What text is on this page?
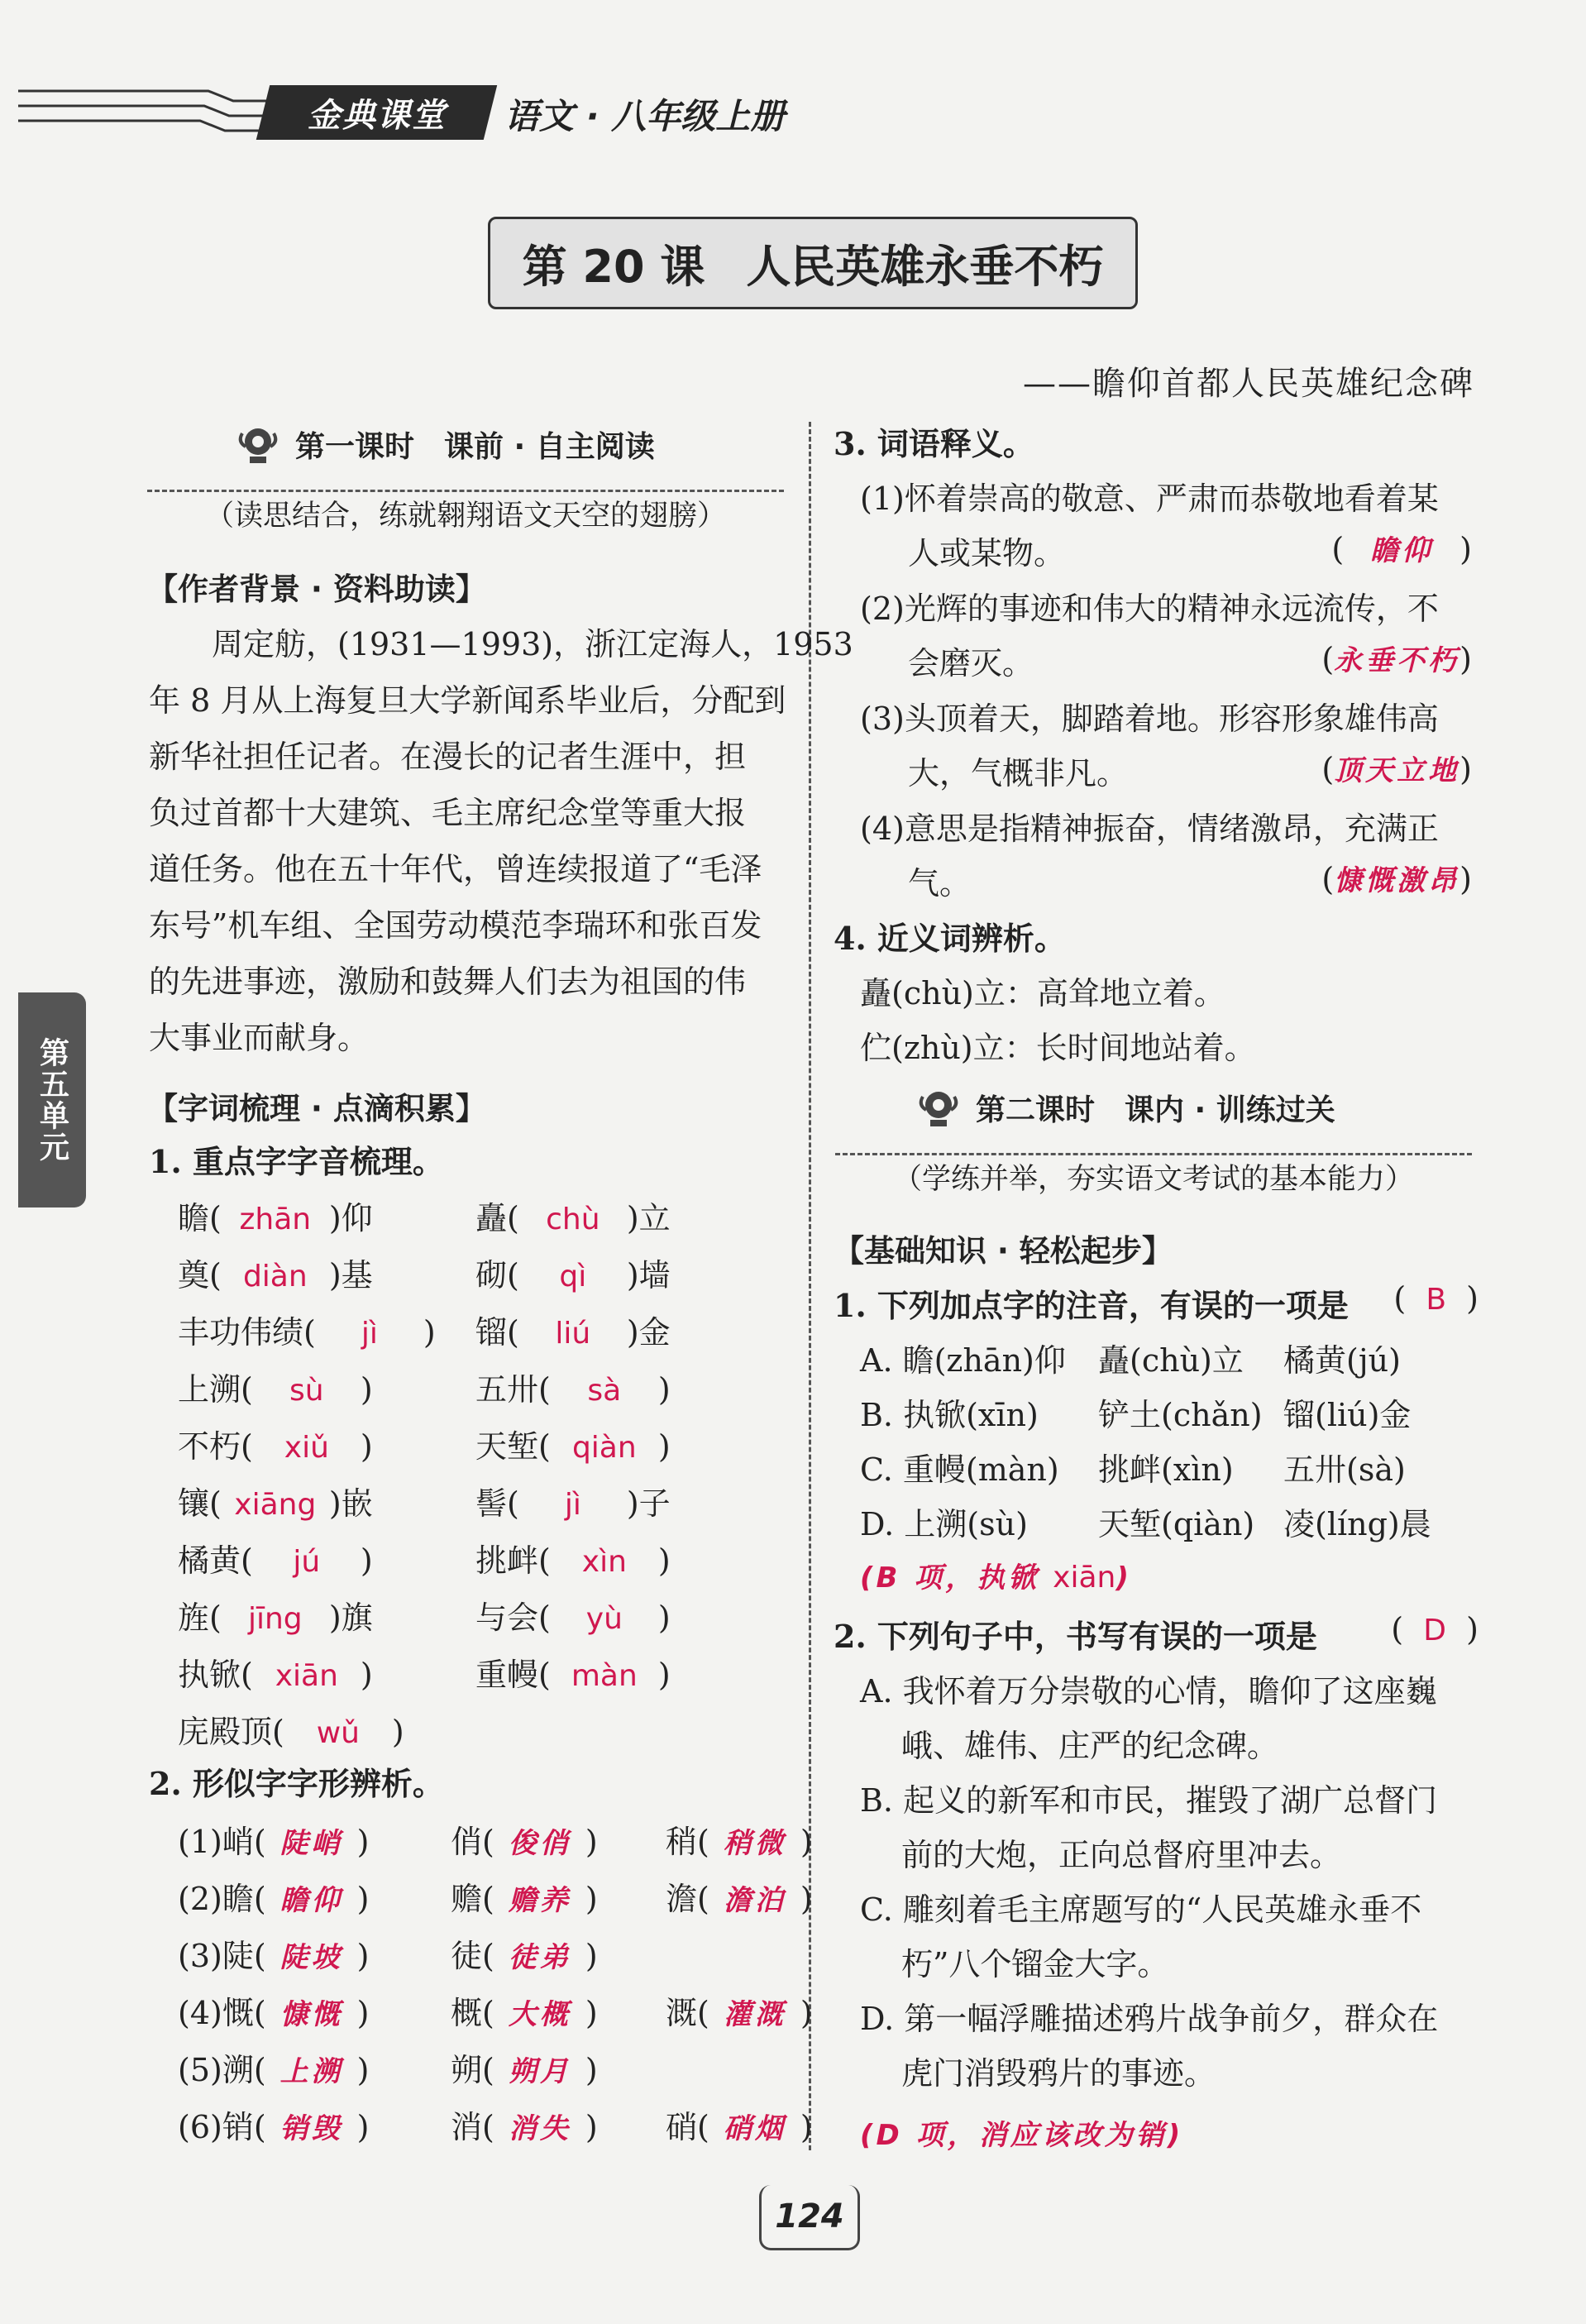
金典课堂 语文 · 八年级上册
第 20 课 人民英雄永垂不朽
——瞻仰首都人民英雄纪念碑
第五单元
第一课时　课前 · 自主阅读
（读思结合，练就翱翔语文天空的翅膀）
【作者背景 · 资料助读】
周定舫，(1931—1993)，浙江定海人，1953
年 8 月从上海复旦大学新闻系毕业后，分配到
新华社担任记者。在漫长的记者生涯中，担
负过首都十大建筑、毛主席纪念堂等重大报
道任务。他在五十年代，曾连续报道了“毛泽
东号”机车组、全国劳动模范李瑞环和张百发
的先进事迹，激励和鼓舞人们去为祖国的伟
大事业而献身。
【字词梳理 · 点滴积累】
1. 重点字字音梳理。
瞻( zhān )仰	矗( chù )立
奠( diàn )基	砌( qì )墙
丰功伟绩( jì ) 镏( liú )金
上溯( sù )	五卅( sà )
不朽( xiǔ )	天堑( qiàn )
镶( xiāng )嵌	髻( jì )子
橘黄( jú )	挑衅( xìn )
旌( jīng )旗	与会( yù )
执锨( xiān )	重幔( màn )
庑殿顶( wǔ )
2. 形似字字形辨析。
(1)峭( 陡峭 )	俏( 俊俏 ) 稍( 稍微 )
(2)瞻( 瞻仰 )	赡( 赡养 ) 澹( 澹泊 )
(3)陡( 陡坡 )	徒( 徒弟 )
(4)慨( 慷慨 )	概( 大概 ) 溉( 灌溉 )
(5)溯( 上溯 )	朔( 朔月 )
(6)销( 销毁 )	消( 消失 ) 硝( 硝烟 )
3. 词语释义。
(1)怀着崇高的敬意、严肃而恭敬地看着某
人或某物。	( 瞻仰 )
(2)光辉的事迹和伟大的精神永远流传，不
会磨灭。	(永垂不朽)
(3)头顶着天，脚踏着地。形容形象雄伟高
大，气概非凡。	(顶天立地)
(4)意思是指精神振奋，情绪激昂，充满正
气。	(慷慨激昂)
4. 近义词辨析。
矗(chù)立：高耸地立着。
伫(zhù)立：长时间地站着。
第二课时　课内 · 训练过关
（学练并举，夯实语文考试的基本能力）
【基础知识 · 轻松起步】
1. 下列加点字的注音，有误的一项是 (  B  )
A. 瞻(zhān)仰 矗(chù)立 橘黄(jú)
B. 执锨(xīn) 铲土(chǎn) 镏(liú)金
C. 重幔(màn) 挑衅(xìn) 五卅(sà)
D. 上溯(sù) 天堑(qiàn) 凌(líng)晨
(B 项，执锨 xiān)
2. 下列句子中，书写有误的一项是 (  D  )
A. 我怀着万分崇敬的心情，瞻仰了这座巍
峨、雄伟、庄严的纪念碑。
B. 起义的新军和市民，摧毁了湖广总督门
前的大炮，正向总督府里冲去。
C. 雕刻着毛主席题写的“人民英雄永垂不
朽”八个镏金大字。
D. 第一幅浮雕描述鸦片战争前夕，群众在
虎门消毁鸦片的事迹。
(D 项，消应该改为销)
124
